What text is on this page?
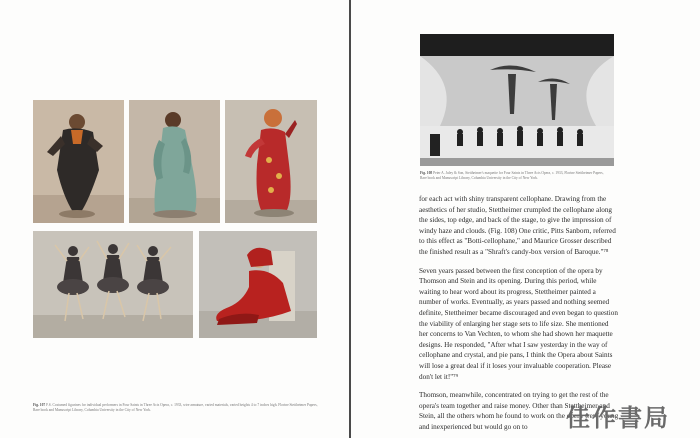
Fig. 107 F.S. Costumed figurines for individual performers in Four Saints in Three Acts Opera, c. 1933, wire armature, varied materials, varied heights 4 to 7 inches high. Florine Stettheimer Papers, Rare book and Manuscript Library, Columbia University in the City of New York.
Fig. 108 Peter A. Juley & Son, Stettheimer's maquette for Four Saints in Three Acts Opera, c. 1933, Florine Stettheimer Papers, Rare book and Manuscript Library, Columbia University in the City of New York.

for each act with shiny transparent cellophane. Drawing from the aesthetics of her studio, Stettheimer crumpled the cellophane along the sides, top edge, and back of the stage, to give the impression of windy haze and clouds. (Fig. 108) One critic, Pitts Sanborn, referred to this effect as "Botti-cellophane," and Maurice Grosser described the finished result as a "Shraft's candy-box version of Baroque."⁷⁸

Seven years passed between the first conception of the opera by Thomson and Stein and its opening. During this period, while waiting to hear word about its progress, Stettheimer painted a number of works. Eventually, as years passed and nothing seemed definite, Stettheimer became discouraged and even began to question the viability of enlarging her stage sets to life size. She mentioned her concerns to Van Vechten, to whom she had shown her maquette designs. He responded, "After what I saw yesterday in the way of cellophane and crystal, and pie pans, I think the Opera about Saints will lose a great deal if it loses your invaluable cooperation. Please don't let it!"⁷⁹

Thomson, meanwhile, concentrated on trying to get the rest of the opera's team together and raise money. Other than Stettheimer and Stein, all the others whom he found to work on the opera were young and inexperienced but would go on to	佳作書局
